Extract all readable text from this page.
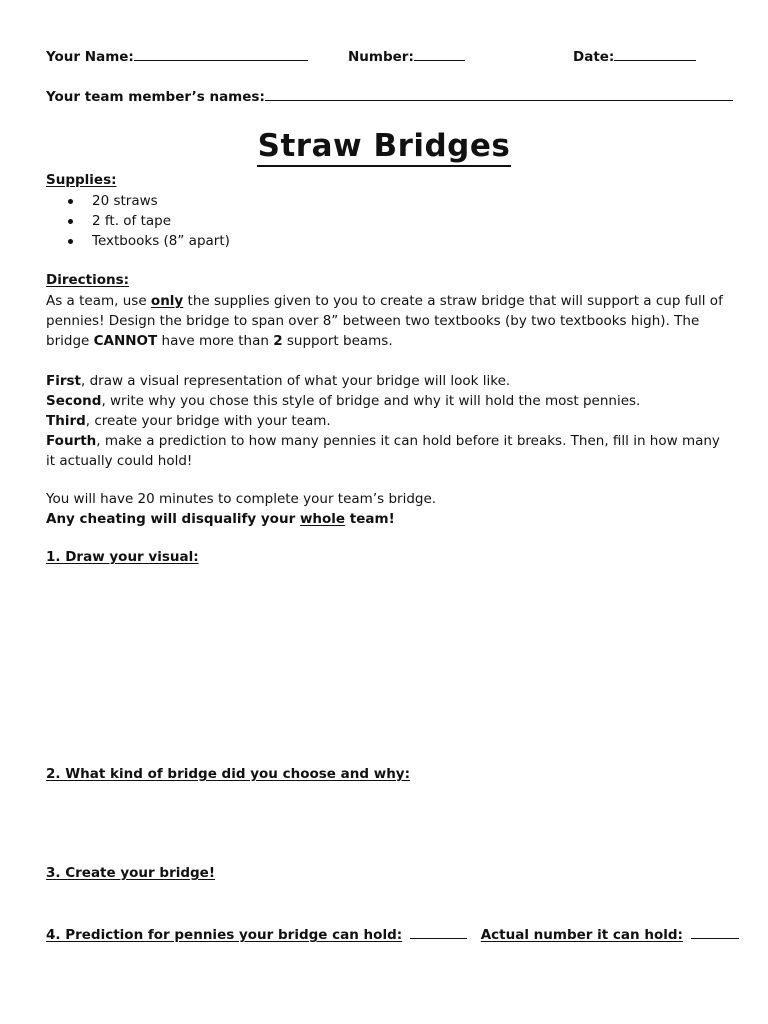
Your Name:	Number:	Date:
Your team member’s names:
Straw Bridges
Supplies:
20 straws
2 ft. of tape
Textbooks (8” apart)
Directions:

As a team, use only the supplies given to you to create a straw bridge that will support a cup full of pennies! Design the bridge to span over 8” between two textbooks (by two textbooks high). The bridge CANNOT have more than 2 support beams.

First, draw a visual representation of what your bridge will look like.

Second, write why you chose this style of bridge and why it will hold the most pennies.

Third, create your bridge with your team.

Fourth, make a prediction to how many pennies it can hold before it breaks. Then, fill in how many it actually could hold!

You will have 20 minutes to complete your team’s bridge.

Any cheating will disqualify your whole team!

1. Draw your visual:
2. What kind of bridge did you choose and why:
3. Create your bridge!
4. Prediction for pennies your bridge can hold:	Actual number it can hold:
